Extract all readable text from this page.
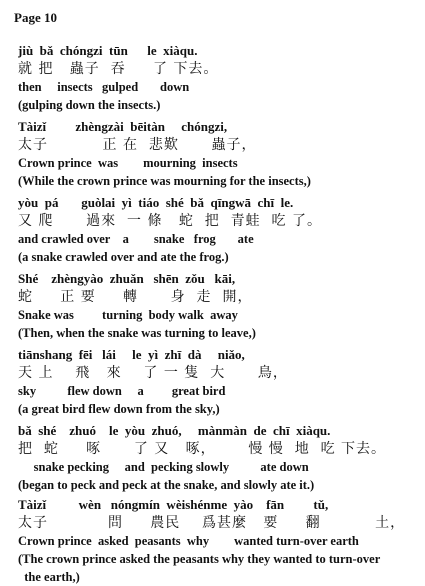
Page 10
jiù  bǎ  chóngzi  tūn      le  xiàqu.
就 把   蟲子  吞     了 下去。
then     insects   gulped       down
(gulping down the insects.)
Tàizǐ         zhèngzài  bēitàn     chóngzi,
太子          正 在  悲歎      蟲子，
Crown prince  was        mourning  insects
(While the crown prince was mourning for the insects,)
yòu  pá       guòlai  yì  tiáo  shé  bǎ  qīngwā  chī  le.
又 爬      過來  一 條   蛇  把  青蛙  吃 了。
and crawled over    a        snake   frog       ate
(a snake crawled over and ate the frog.)
Shé    zhèngyào  zhuǎn   shēn  zǒu   kāi,
蛇     正 要     轉      身  走  開，
Snake was         turning  body walk  away
(Then, when the snake was turning to leave,)
tiānshang  fēi   lái     le  yì  zhī  dà     niǎo,
天 上    飛   來    了 一 隻  大      鳥，
sky          flew down     a         great bird
(a great bird flew down from the sky,)
bǎ  shé    zhuó    le  yòu  zhuó,     mànmàn  de  chī  xiàqu.
把  蛇     啄      了 又   啄，      慢 慢  地  吃 下去。
snake pecking     and  pecking slowly          ate down
(began to peck and peck at the snake, and slowly ate it.)
Tàizǐ          wèn   nóngmín  wèishénme  yào    fān         tǔ,
太子           問     農民    爲甚麼   要     翻          土，
Crown prince  asked  peasants  why        wanted turn-over earth
(The crown prince asked the peasants why they wanted to turn-over
the earth,)
